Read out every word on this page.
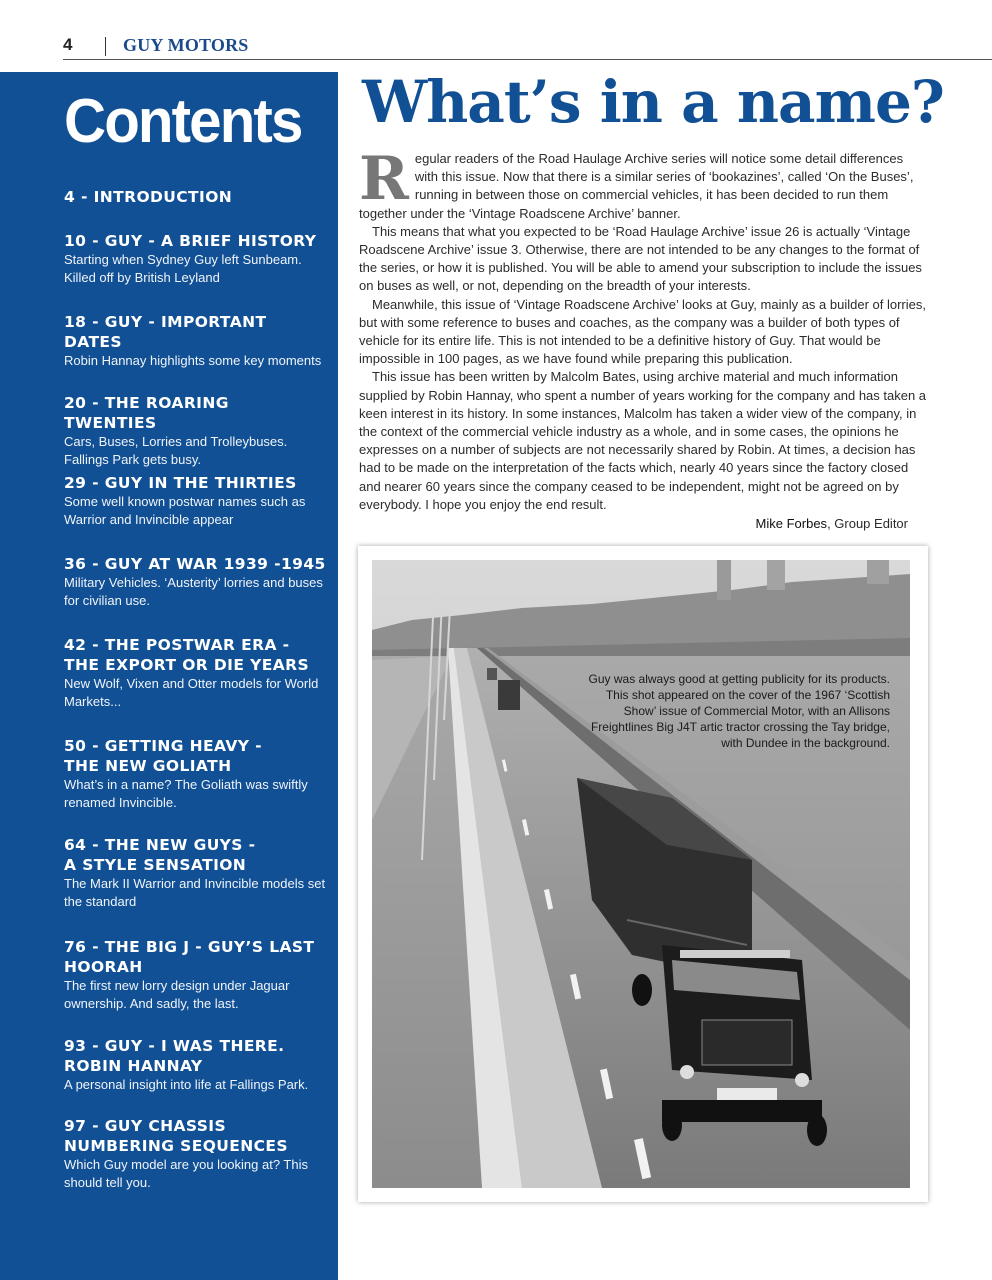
4	GUY MOTORS
Contents
4 - INTRODUCTION
10 - GUY - A BRIEF HISTORY
Starting when Sydney Guy left Sunbeam. Killed off by British Leyland
18 - GUY - IMPORTANT DATES
Robin Hannay highlights some key moments
20 - THE ROARING TWENTIES
Cars, Buses, Lorries and Trolleybuses. Fallings Park gets busy.
29 - GUY IN THE THIRTIES
Some well known postwar names such as Warrior and Invincible appear
36 - GUY AT WAR 1939 -1945
Military Vehicles. ‘Austerity’ lorries and buses for civilian use.
42 - THE POSTWAR ERA -
THE EXPORT OR DIE YEARS
New Wolf, Vixen and Otter models for World Markets...
50 - GETTING HEAVY -
THE NEW GOLIATH
What’s in a name? The Goliath was swiftly renamed Invincible.
64 - THE NEW GUYS -
A STYLE SENSATION
The Mark II Warrior and Invincible models set the standard
76 - THE BIG J - GUY’S LAST
HOORAH
The first new lorry design under Jaguar ownership. And sadly, the last.
93 - GUY - I WAS THERE.
ROBIN HANNAY
A personal insight into life at Fallings Park.
97 - GUY CHASSIS
NUMBERING SEQUENCES
Which Guy model are you looking at? This should tell you.
What’s in a name?
R egular readers of the Road Haulage Archive series will notice some detail differences with this issue. Now that there is a similar series of ‘bookazines’, called ‘On the Buses’, running in between those on commercial vehicles, it has been decided to run them together under the ‘Vintage Roadscene Archive’ banner.

This means that what you expected to be ‘Road Haulage Archive’ issue 26 is actually ‘Vintage Roadscene Archive’ issue 3. Otherwise, there are not intended to be any changes to the format of the series, or how it is published. You will be able to amend your subscription to include the issues on buses as well, or not, depending on the breadth of your interests.

Meanwhile, this issue of ‘Vintage Roadscene Archive’ looks at Guy, mainly as a builder of lorries, but with some reference to buses and coaches, as the company was a builder of both types of vehicle for its entire life. This is not intended to be a definitive history of Guy. That would be impossible in 100 pages, as we have found while preparing this publication.

This issue has been written by Malcolm Bates, using archive material and much information supplied by Robin Hannay, who spent a number of years working for the company and has taken a keen interest in its history. In some instances, Malcolm has taken a wider view of the company, in the context of the commercial vehicle industry as a whole, and in some cases, the opinions he expresses on a number of subjects are not necessarily shared by Robin. At times, a decision has had to be made on the interpretation of the facts which, nearly 40 years since the factory closed and nearer 60 years since the company ceased to be independent, might not be agreed on by everybody. I hope you enjoy the end result.

Mike Forbes, Group Editor
Guy was always good at getting publicity for its products. This shot appeared on the cover of the 1967 ‘Scottish Show’ issue of Commercial Motor, with an Allisons Freightlines Big J4T artic tractor crossing the Tay bridge, with Dundee in the background.
